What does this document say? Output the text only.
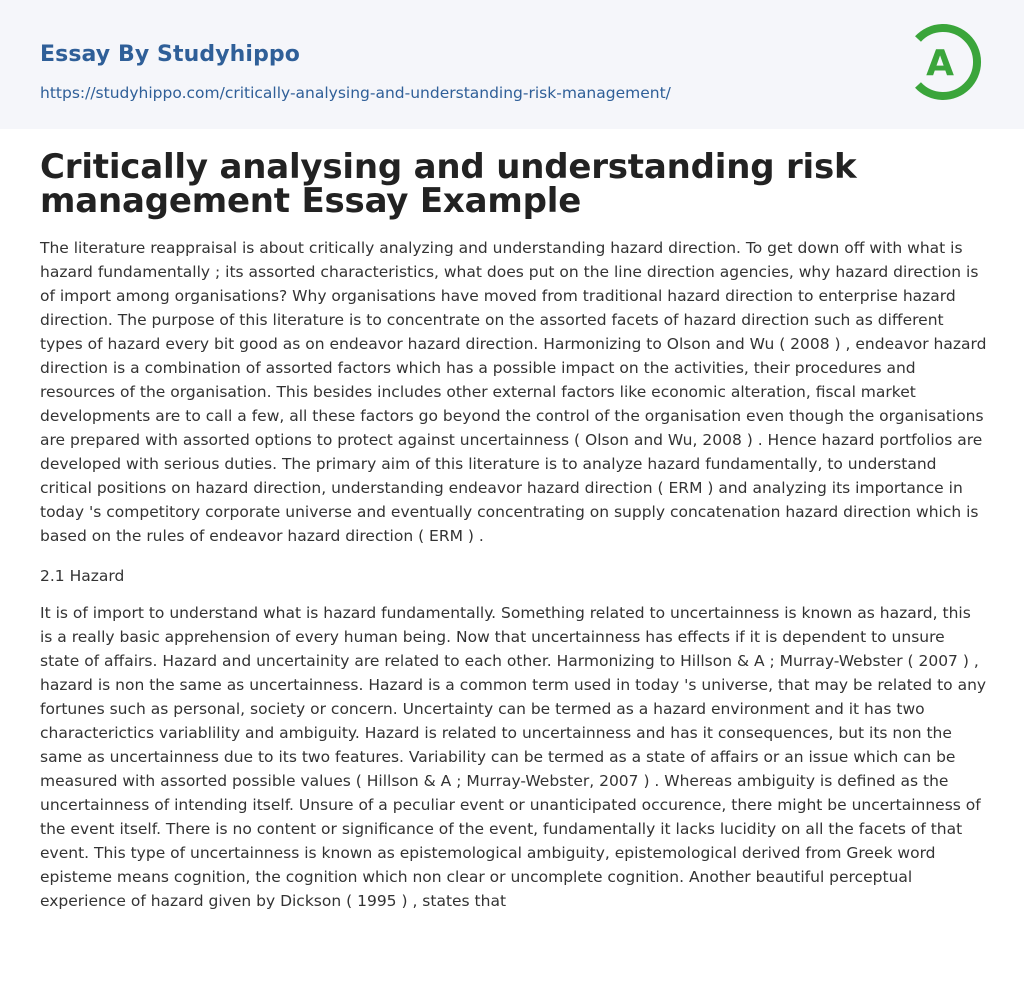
Essay By Studyhippo
https://studyhippo.com/critically-analysing-and-understanding-risk-management/
A
Critically analysing and understanding risk management Essay Example

The literature reappraisal is about critically analyzing and understanding hazard direction. To get down off with what is hazard fundamentally ; its assorted characteristics, what does put on the line direction agencies, why hazard direction is of import among organisations? Why organisations have moved from traditional hazard direction to enterprise hazard direction. The purpose of this literature is to concentrate on the assorted facets of hazard direction such as different types of hazard every bit good as on endeavor hazard direction. Harmonizing to Olson and Wu ( 2008 ) , endeavor hazard direction is a combination of assorted factors which has a possible impact on the activities, their procedures and resources of the organisation. This besides includes other external factors like economic alteration, fiscal market developments are to call a few, all these factors go beyond the control of the organisation even though the organisations are prepared with assorted options to protect against uncertainness ( Olson and Wu, 2008 ) . Hence hazard portfolios are developed with serious duties. The primary aim of this literature is to analyze hazard fundamentally, to understand critical positions on hazard direction, understanding endeavor hazard direction ( ERM ) and analyzing its importance in today 's competitory corporate universe and eventually concentrating on supply concatenation hazard direction which is based on the rules of endeavor hazard direction ( ERM ) .

2.1 Hazard

It is of import to understand what is hazard fundamentally. Something related to uncertainness is known as hazard, this is a really basic apprehension of every human being. Now that uncertainness has effects if it is dependent to unsure state of affairs. Hazard and uncertainity are related to each other. Harmonizing to Hillson & A ; Murray-Webster ( 2007 ) , hazard is non the same as uncertainness. Hazard is a common term used in today 's universe, that may be related to any fortunes such as personal, society or concern. Uncertainty can be termed as a hazard environment and it has two characterictics variablility and ambiguity. Hazard is related to uncertainness and has it consequences, but its non the same as uncertainness due to its two features. Variability can be termed as a state of affairs or an issue which can be measured with assorted possible values ( Hillson & A ; Murray-Webster, 2007 ) . Whereas ambiguity is defined as the uncertainness of intending itself. Unsure of a peculiar event or unanticipated occurence, there might be uncertainness of the event itself. There is no content or significance of the event, fundamentally it lacks lucidity on all the facets of that event. This type of uncertainness is known as epistemological ambiguity, epistemological derived from Greek word episteme means cognition, the cognition which non clear or uncomplete cognition. Another beautiful perceptual experience of hazard given by Dickson ( 1995 ) , states that
